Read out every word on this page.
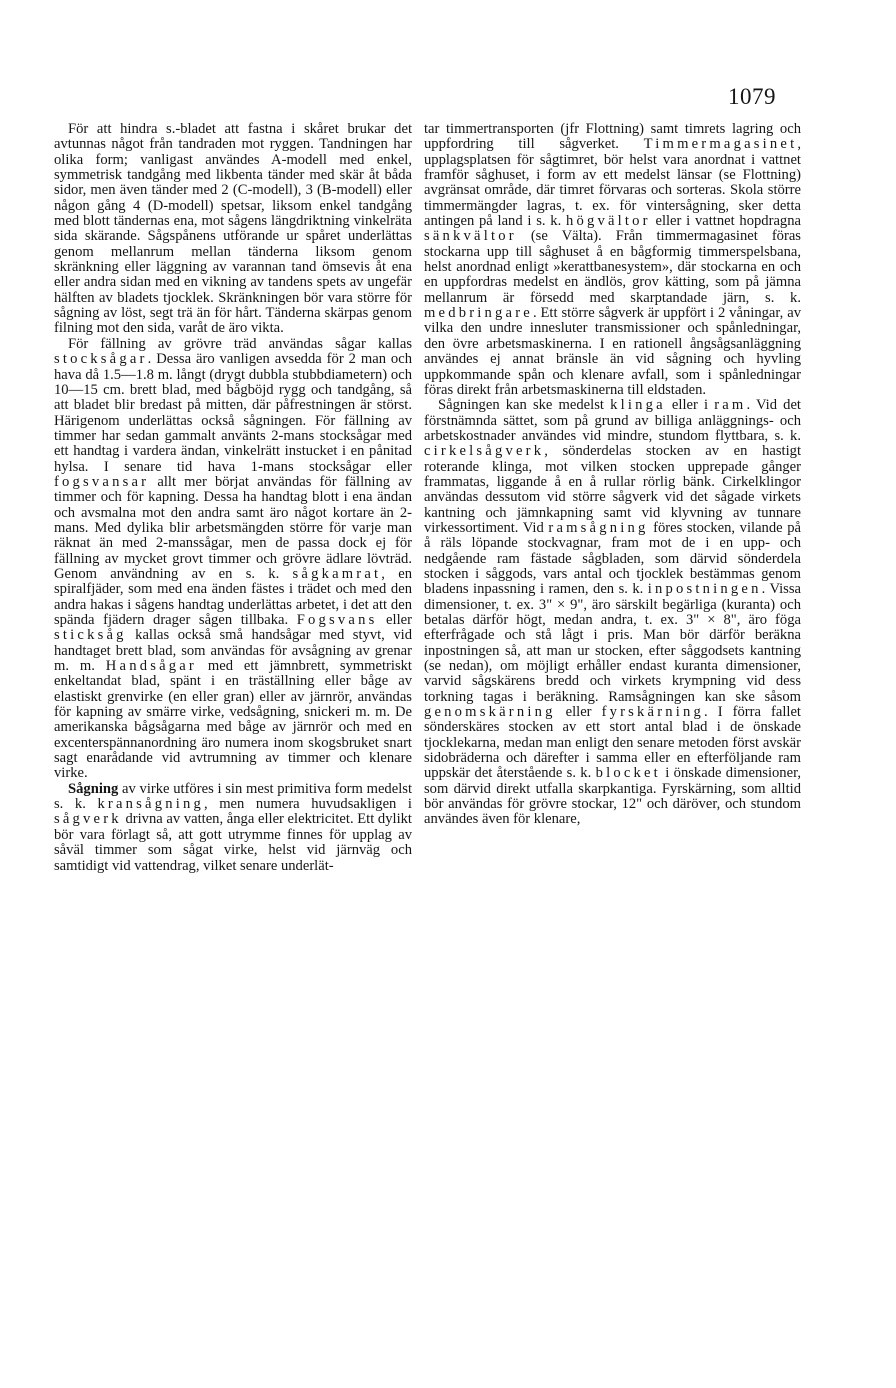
1079

För att hindra s.-bladet att fastna i skåret brukar det avtunnas något från tandraden mot ryggen. Tandningen har olika form; vanligast användes A-modell med enkel, symmetrisk tandgång med likbenta tänder med skär åt båda sidor, men även tänder med 2 (C-modell), 3 (B-modell) eller någon gång 4 (D-modell) spetsar, liksom enkel tandgång med blott tändernas ena, mot sågens längdriktning vinkelräta sida skärande. Sågspånens utförande ur spåret underlättas genom mellanrum mellan tänderna liksom genom skränkning eller läggning av varannan tand ömsevis åt ena eller andra sidan med en vikning av tandens spets av ungefär hälften av bladets tjocklek. Skränkningen bör vara större för sågning av löst, segt trä än för hårt. Tänderna skärpas genom filning mot den sida, varåt de äro vikta.

För fällning av grövre träd användas sågar kallas stocksågar. Dessa äro vanligen avsedda för 2 man och hava då 1.5—1.8 m. långt (drygt dubbla stubbdiametern) och 10—15 cm. brett blad, med bågböjd rygg och tandgång, så att bladet blir bredast på mitten, där påfrestningen är störst. Härigenom underlättas också sågningen. För fällning av timmer har sedan gammalt använts 2-mans stocksågar med ett handtag i vardera ändan, vinkelrätt instucket i en pånitad hylsa. I senare tid hava 1-mans stocksågar eller fogsvansar allt mer börjat användas för fällning av timmer och för kapning. Dessa ha handtag blott i ena ändan och avsmalna mot den andra samt äro något kortare än 2-mans. Med dylika blir arbetsmängden större för varje man räknat än med 2-manssågar, men de passa dock ej för fällning av mycket grovt timmer och grövre ädlare lövträd. Genom användning av en s. k. sågkamrat, en spiralfjäder, som med ena änden fästes i trädet och med den andra hakas i sågens handtag underlättas arbetet, i det att den spända fjädern drager sågen tillbaka. Fogsvans eller sticksåg kallas också små handsågar med styvt, vid handtaget brett blad, som användas för avsågning av grenar m. m. Handsågar med ett jämnbrett, symmetriskt enkeltandat blad, spänt i en träställning eller båge av elastiskt grenvirke (en eller gran) eller av järnrör, användas för kapning av smärre virke, vedsågning, snickeri m. m. De amerikanska bågsågarna med båge av järnrör och med en excenterspännanordning äro numera inom skogsbruket snart sagt enarådande vid avtrumning av timmer och klenare virke.

Sågning av virke utföres i sin mest primitiva form medelst s. k. kransågning, men numera huvudsakligen i sågverk drivna av vatten, ånga eller elektricitet. Ett dylikt bör vara förlagt så, att gott utrymme finnes för upplag av såväl timmer som sågat virke, helst vid järnväg och samtidigt vid vattendrag, vilket senare underlät-

tar timmertransporten (jfr Flottning) samt timrets lagring och uppfordring till sågverket. Timmermagasinet, upplagsplatsen för sågtimret, bör helst vara anordnat i vattnet framför såghuset, i form av ett medelst länsar (se Flottning) avgränsat område, där timret förvaras och sorteras. Skola större timmermängder lagras, t. ex. för vintersågning, sker detta antingen på land i s. k. högvältor eller i vattnet hopdragna sänkvältor (se Välta). Från timmermagasinet föras stockarna upp till såghuset å en bågformig timmerspelsbana, helst anordnad enligt »kerattbanesystem», där stockarna en och en uppfordras medelst en ändlös, grov kätting, som på jämna mellanrum är försedd med skarptandade järn, s. k. medbringare. Ett större sågverk är uppfört i 2 våningar, av vilka den undre innesluter transmissioner och spånledningar, den övre arbetsmaskinerna. I en rationell ångsågsanläggning användes ej annat bränsle än vid sågning och hyvling uppkommande spån och klenare avfall, som i spånledningar föras direkt från arbetsmaskinerna till eldstaden.

Sågningen kan ske medelst klinga eller i ram. Vid det förstnämnda sättet, som på grund av billiga anläggnings- och arbetskostnader användes vid mindre, stundom flyttbara, s. k. cirkelsågverk, sönderdelas stocken av en hastigt roterande klinga, mot vilken stocken upprepade gånger frammatas, liggande å en å rullar rörlig bänk. Cirkelklingor användas dessutom vid större sågverk vid det sågade virkets kantning och jämnkapning samt vid klyvning av tunnare virkessortiment. Vid ramsågning föres stocken, vilande på å räls löpande stockvagnar, fram mot de i en upp- och nedgående ram fästade sågbladen, som därvid sönderdela stocken i såggods, vars antal och tjocklek bestämmas genom bladens inpassning i ramen, den s. k. inpostningen. Vissa dimensioner, t. ex. 3" × 9", äro särskilt begärliga (kuranta) och betalas därför högt, medan andra, t. ex. 3" × 8", äro föga efterfrågade och stå lågt i pris. Man bör därför beräkna inpostningen så, att man ur stocken, efter såggodsets kantning (se nedan), om möjligt erhåller endast kuranta dimensioner, varvid sågskärens bredd och virkets krympning vid dess torkning tagas i beräkning. Ramsågningen kan ske såsom genomskärning eller fyrskärning. I förra fallet sönderskäres stocken av ett stort antal blad i de önskade tjocklekarna, medan man enligt den senare metoden först avskär sidobräderna och därefter i samma eller en efterföljande ram uppskär det återstående s. k. blocket i önskade dimensioner, som därvid direkt utfalla skarpkantiga. Fyrskärning, som alltid bör användas för grövre stockar, 12" och däröver, och stundom användes även för klenare,
